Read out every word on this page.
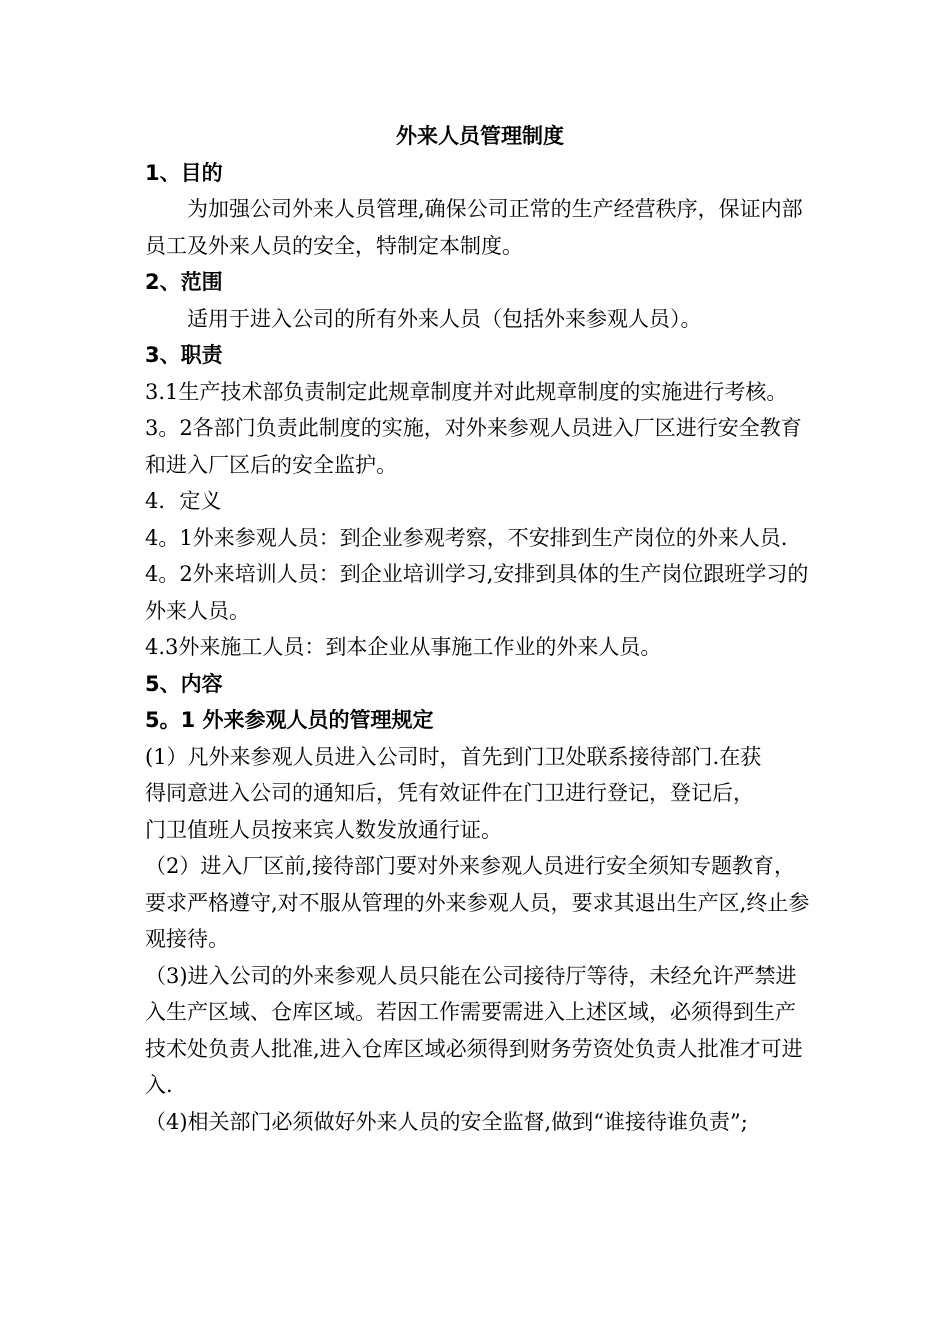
外来人员管理制度
1、目的
为加强公司外来人员管理,确保公司正常的生产经营秩序，保证内部员工及外来人员的安全，特制定本制度。
2、范围
适用于进入公司的所有外来人员（包括外来参观人员）。
3、职责
3.1生产技术部负责制定此规章制度并对此规章制度的实施进行考核。
3。2各部门负责此制度的实施，对外来参观人员进入厂区进行安全教育和进入厂区后的安全监护。
4．定义
4。1外来参观人员：到企业参观考察，不安排到生产岗位的外来人员.
4。2外来培训人员：到企业培训学习,安排到具体的生产岗位跟班学习的外来人员。
4.3外来施工人员：到本企业从事施工作业的外来人员。
5、内容
5。1 外来参观人员的管理规定
(1）凡外来参观人员进入公司时，首先到门卫处联系接待部门.在获
得同意进入公司的通知后，凭有效证件在门卫进行登记，登记后，
门卫值班人员按来宾人数发放通行证。
（2）进入厂区前,接待部门要对外来参观人员进行安全须知专题教育，要求严格遵守,对不服从管理的外来参观人员，要求其退出生产区,终止参观接待。
（3)进入公司的外来参观人员只能在公司接待厅等待，未经允许严禁进入生产区域、仓库区域。若因工作需要需进入上述区域，必须得到生产技术处负责人批准,进入仓库区域必须得到财务劳资处负责人批准才可进入.
（4)相关部门必须做好外来人员的安全监督,做到“谁接待谁负责”;
